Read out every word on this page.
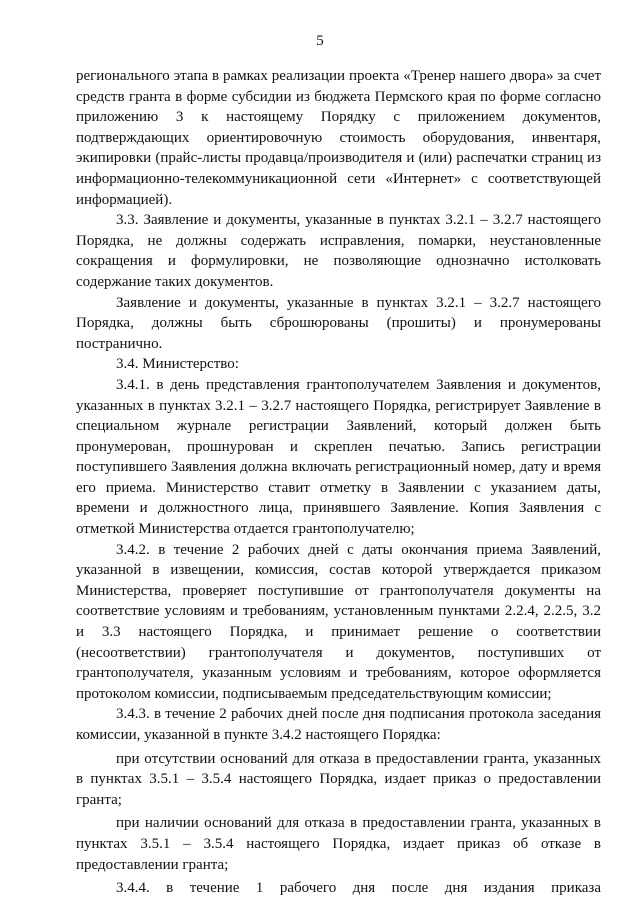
5

регионального этапа в рамках реализации проекта «Тренер нашего двора» за счет средств гранта в форме субсидии из бюджета Пермского края по форме согласно приложению 3 к настоящему Порядку с приложением документов, подтверждающих ориентировочную стоимость оборудования, инвентаря, экипировки (прайс-листы продавца/производителя и (или) распечатки страниц из информационно-телекоммуникационной сети «Интернет» с соответствующей информацией).

3.3. Заявление и документы, указанные в пунктах 3.2.1 – 3.2.7 настоящего Порядка, не должны содержать исправления, помарки, неустановленные сокращения и формулировки, не позволяющие однозначно истолковать содержание таких документов.

Заявление и документы, указанные в пунктах 3.2.1 – 3.2.7 настоящего Порядка, должны быть сброшюрованы (прошиты) и пронумерованы постранично.

3.4. Министерство:

3.4.1. в день представления грантополучателем Заявления и документов, указанных в пунктах 3.2.1 – 3.2.7 настоящего Порядка, регистрирует Заявление в специальном журнале регистрации Заявлений, который должен быть пронумерован, прошнурован и скреплен печатью. Запись регистрации поступившего Заявления должна включать регистрационный номер, дату и время его приема. Министерство ставит отметку в Заявлении с указанием даты, времени и должностного лица, принявшего Заявление. Копия Заявления с отметкой Министерства отдается грантополучателю;

3.4.2. в течение 2 рабочих дней с даты окончания приема Заявлений, указанной в извещении, комиссия, состав которой утверждается приказом Министерства, проверяет поступившие от грантополучателя документы на соответствие условиям и требованиям, установленным пунктами 2.2.4, 2.2.5, 3.2 и 3.3 настоящего Порядка, и принимает решение о соответствии (несоответствии) грантополучателя и документов, поступивших от грантополучателя, указанным условиям и требованиям, которое оформляется протоколом комиссии, подписываемым председательствующим комиссии;

3.4.3. в течение 2 рабочих дней после дня подписания протокола заседания комиссии, указанной в пункте 3.4.2 настоящего Порядка:

при отсутствии оснований для отказа в предоставлении гранта, указанных в пунктах 3.5.1 – 3.5.4 настоящего Порядка, издает приказ о предоставлении гранта;

при наличии оснований для отказа в предоставлении гранта, указанных в пунктах 3.5.1 – 3.5.4 настоящего Порядка, издает приказ об отказе в предоставлении гранта;

3.4.4. в течение 1 рабочего дня после дня издания приказа
